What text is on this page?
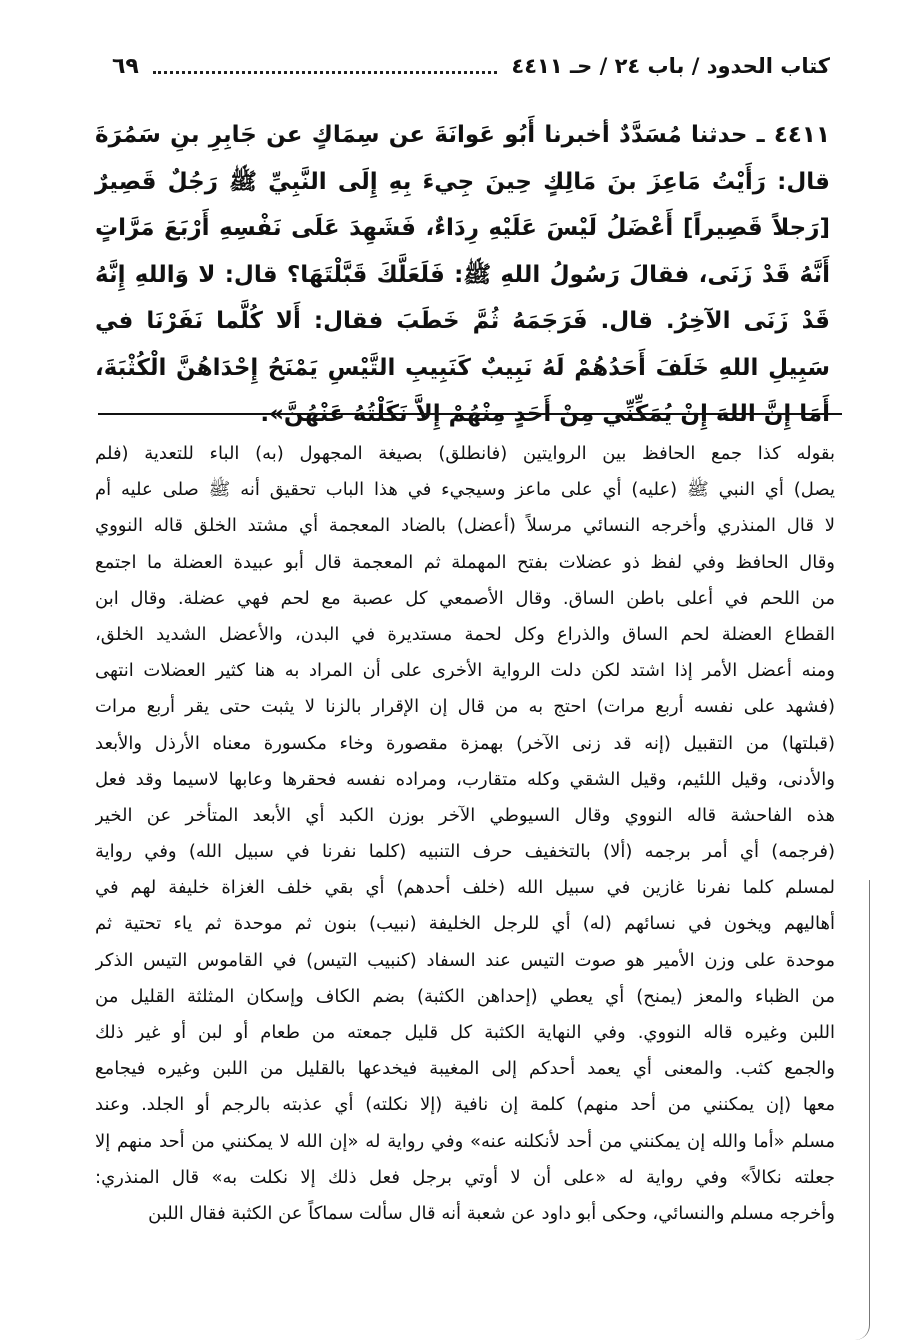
كتاب الحدود / باب ٢٤ / حـ ٤٤١١
٦٩

٤٤١١ ـ حدثنا مُسَدَّدٌ أخبرنا أَبُو عَوانَةَ عن سِمَاكٍ عن جَابِرِ بنِ سَمُرَةَ قال: رَأَيْتُ مَاعِزَ بنَ مَالِكٍ حِينَ جِيءَ بِهِ إِلَى النَّبِيِّ ﷺ رَجُلٌ قَصِيرٌ [رَجلاً قَصِيراً] أَعْضَلُ لَيْسَ عَلَيْهِ رِدَاءٌ، فَشَهِدَ عَلَى نَفْسِهِ أَرْبَعَ مَرَّاتٍ أَنَّهُ قَدْ زَنَى، فقالَ رَسُولُ اللهِ ﷺ: فَلَعَلَّكَ قَبَّلْتَهَا؟ قال: لا وَاللهِ إِنَّهُ قَدْ زَنَى الآخِرُ. قال. فَرَجَمَهُ ثُمَّ خَطَبَ فقال: أَلا كُلَّما نَفَرْنَا في سَبِيلِ اللهِ خَلَفَ أَحَدُهُمْ لَهُ نَبِيبٌ كَنَبِيبِ التَّيْسِ يَمْنَحُ إِحْدَاهُنَّ الْكُثْبَةَ، أَمَا إِنَّ اللهَ إِنْ يُمَكِّنِّي مِنْ أَحَدٍ مِنْهُمْ إِلاَّ نَكَلْتُهُ عَنْهُنَّ».

بقوله كذا جمع الحافظ بين الروايتين (فانطلق) بصيغة المجهول (به) الباء للتعدية (فلم
يصل) أي النبي ﷺ (عليه) أي على ماعز وسيجيء في هذا الباب تحقيق أنه ﷺ صلى عليه أم
لا قال المنذري وأخرجه النسائي مرسلاً (أعضل) بالضاد المعجمة أي مشتد الخلق قاله النووي
وقال الحافظ وفي لفظ ذو عضلات بفتح المهملة ثم المعجمة قال أبو عبيدة العضلة ما اجتمع
من اللحم في أعلى باطن الساق. وقال الأصمعي كل عصبة مع لحم فهي عضلة. وقال ابن
القطاع العضلة لحم الساق والذراع وكل لحمة مستديرة في البدن، والأعضل الشديد الخلق،
ومنه أعضل الأمر إذا اشتد لكن دلت الرواية الأخرى على أن المراد به هنا كثير العضلات انتهى
(فشهد على نفسه أربع مرات) احتج به من قال إن الإقرار بالزنا لا يثبت حتى يقر أربع مرات
(قبلتها) من التقبيل (إنه قد زنى الآخر) بهمزة مقصورة وخاء مكسورة معناه الأرذل والأبعد
والأدنى، وقيل اللئيم، وقيل الشقي وكله متقارب، ومراده نفسه فحقرها وعابها لاسيما وقد فعل
هذه الفاحشة قاله النووي وقال السيوطي الآخر بوزن الكبد أي الأبعد المتأخر عن الخير
(فرجمه) أي أمر برجمه (ألا) بالتخفيف حرف التنبيه (كلما نفرنا في سبيل الله) وفي رواية
لمسلم كلما نفرنا غازين في سبيل الله (خلف أحدهم) أي بقي خلف الغزاة خليفة لهم في
أهاليهم ويخون في نسائهم (له) أي للرجل الخليفة (نبيب) بنون ثم موحدة ثم ياء تحتية ثم
موحدة على وزن الأمير هو صوت التيس عند السفاد (كنبيب التيس) في القاموس التيس الذكر
من الظباء والمعز (يمنح) أي يعطي (إحداهن الكثبة) بضم الكاف وإسكان المثلثة القليل من
اللبن وغيره قاله النووي. وفي النهاية الكثبة كل قليل جمعته من طعام أو لبن أو غير ذلك
والجمع كثب. والمعنى أي يعمد أحدكم إلى المغيبة فيخدعها بالقليل من اللبن وغيره فيجامع
معها (إن يمكنني من أحد منهم) كلمة إن نافية (إلا نكلته) أي عذبته بالرجم أو الجلد. وعند
مسلم «أما والله إن يمكنني من أحد لأنكلنه عنه» وفي رواية له «إن الله لا يمكنني من أحد منهم إلا
جعلته نكالاً» وفي رواية له «على أن لا أوتي برجل فعل ذلك إلا نكلت به» قال المنذري:
وأخرجه مسلم والنسائي، وحكى أبو داود عن شعبة أنه قال سألت سماكاً عن الكثبة فقال اللبن
